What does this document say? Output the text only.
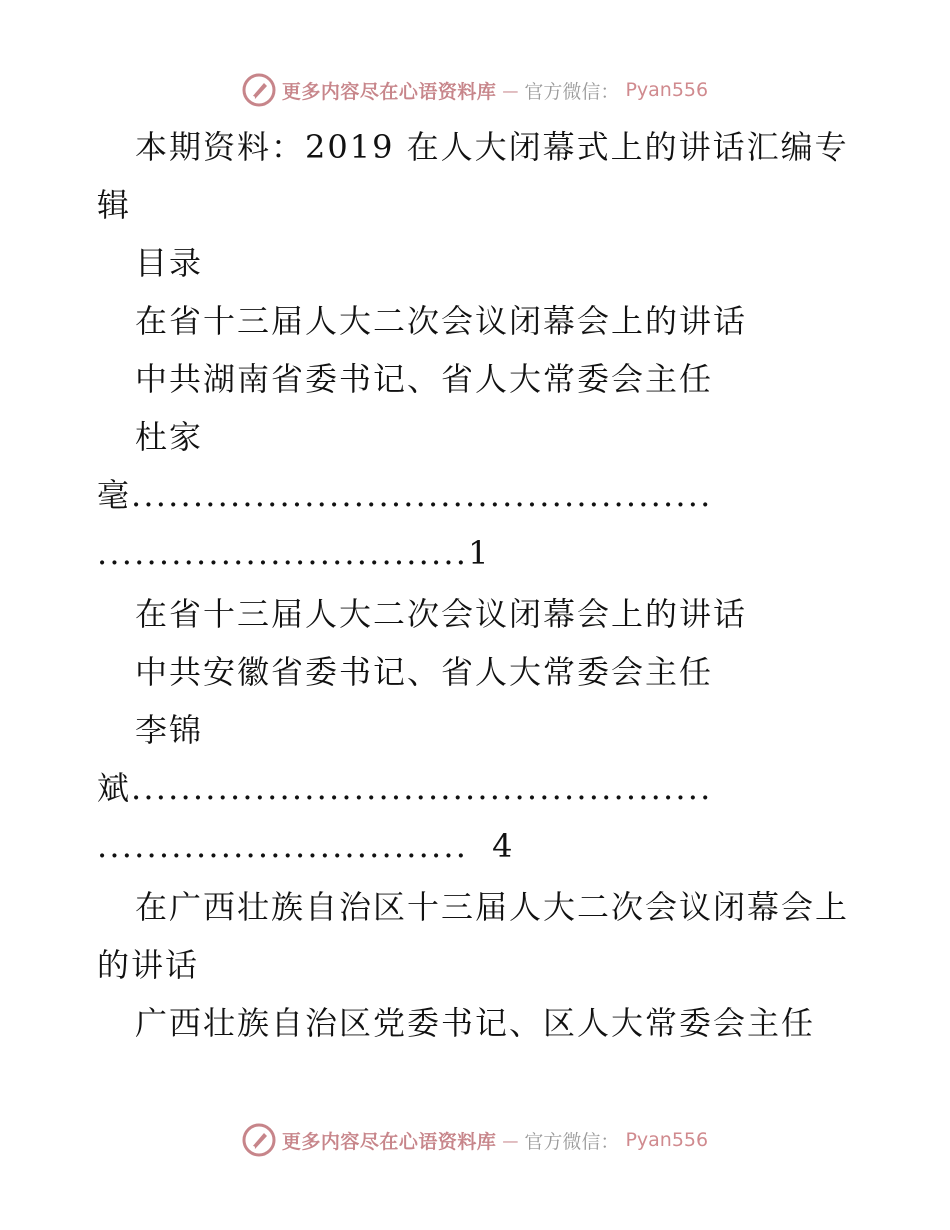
更多内容尽在心语资料库 — 官方微信： Pyan556
本期资料：2019 在人大闭幕式上的讲话汇编专
辑
目录
在省十三届人大二次会议闭幕会上的讲话
中共湖南省委书记、省人大常委会主任
杜家
毫...............................................
..............................1
在省十三届人大二次会议闭幕会上的讲话
中共安徽省委书记、省人大常委会主任
李锦
斌...............................................
.............................. 4
在广西壮族自治区十三届人大二次会议闭幕会上
的讲话
广西壮族自治区党委书记、区人大常委会主任
更多内容尽在心语资料库 — 官方微信： Pyan556
